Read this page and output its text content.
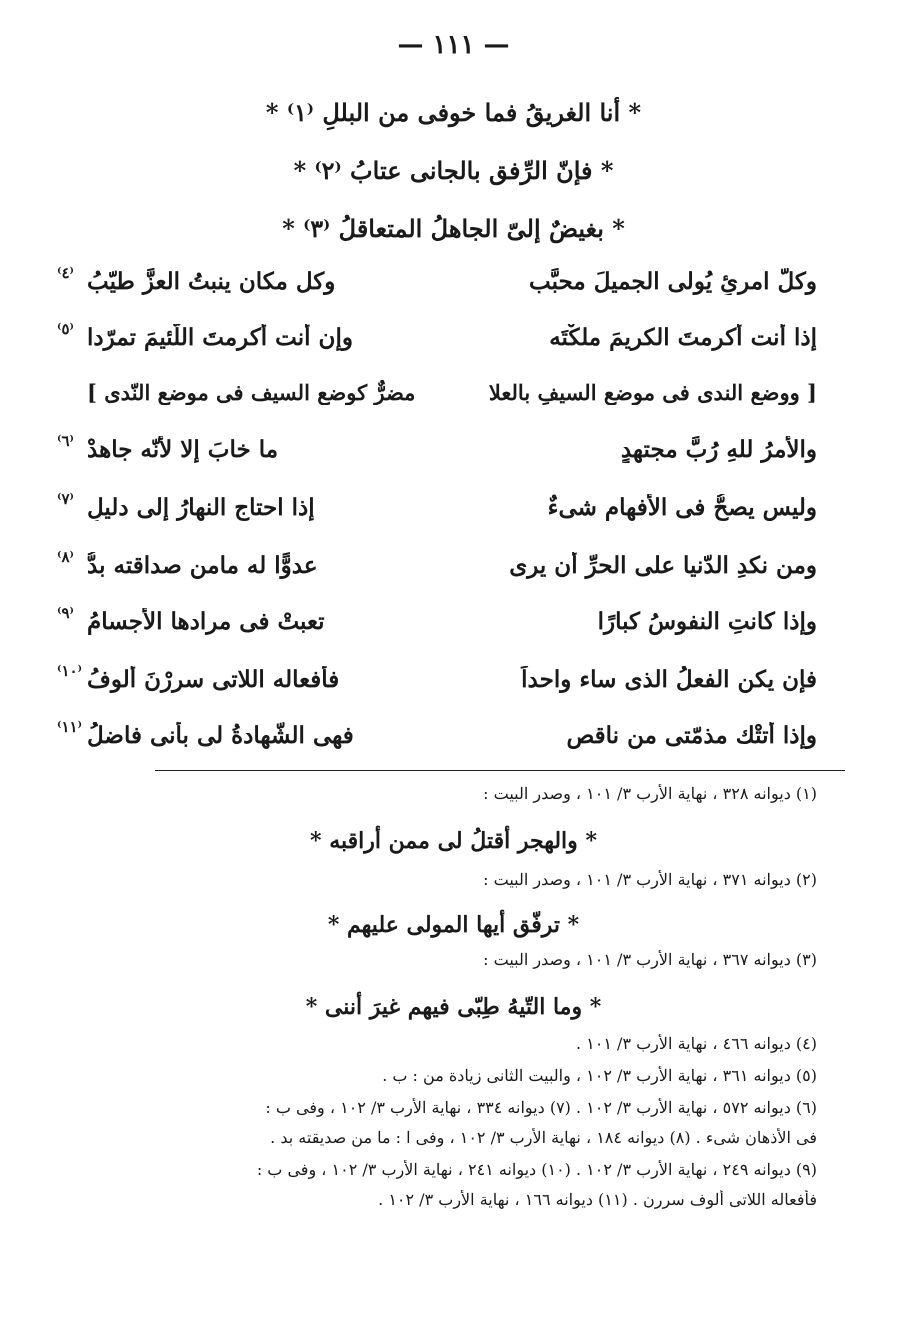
— ١١١ —
* أنا الغريقُ فما خوفى من البللِ ⁽١⁾ *
* فإنّ الرِّفق بالجانى عتابُ ⁽٢⁾ *
* بغيضٌ إلىّ الجاهلُ المتعاقلُ ⁽٣⁾ *
وكلُّ امرئٍ يُولى الجميلَ محبَّب
وكل مكان ينبتُ العزَّ طيّبُ
⁽٤⁾
إذا أنت أكرمتَ الكريمَ ملكْتَه
وإن أنت أكرمتَ اللّئيمَ تمرّدا
⁽٥⁾
[ ووضع الندى فى موضع السيفِ بالعلا
مضرٌّ كوضعِ السيف فى موضع النّدى ]
والأمرُ للهِ رُبَّ مجتهدٍ
ما خابَ إلا لأنّه جاهدْ
⁽٦⁾
وليس يصحُّ فى الأفهامِ شىءٌ
إذا احتاج النهارُ إلى دليلِ
⁽٧⁾
ومن نكدِ الدّنيا على الحرِّ أن يرى
عدوًّا له مامن صداقته بدُّ
⁽٨⁾
وإذا كانتِ النفوسُ كبارًا
تعبتْ فى مرادها الأجسامُ
⁽٩⁾
فإن يكن الفعلُ الذى ساء واحداً
فأفعاله اللاتى سررْنَ ألوفُ
⁽١٠⁾
وإذا أتتْك مذمّتى من ناقصٍ
فهى الشّهادةُ لى بأنى فاضلُ
⁽١١⁾
(١) ديوانه ٣٢٨ ، نهاية الأرب ٣/ ١٠١ ، وصدر البيت :
* والهجر أقتلُ لى ممن أراقبه *
(٢) ديوانه ٣٧١ ، نهاية الأرب ٣/ ١٠١ ، وصدر البيت :
* ترفّق أيها المولى عليهم *
(٣) ديوانه ٣٦٧ ، نهاية الأرب ٣/ ١٠١ ، وصدر البيت :
* وما التّيهُ طِبّى فيهم غيرَ أننى *
(٤) ديوانه ٤٦٦ ، نهاية الأرب ٣/ ١٠١ .
(٥) ديوانه ٣٦١ ، نهاية الأرب ٣/ ١٠٢ ، والبيت الثانى زيادة من : ب .
(٦) ديوانه ٥٧٢ ، نهاية الأرب ٣/ ١٠٢ . (٧) ديوانه ٣٣٤ ، نهاية الأرب ٣/ ١٠٢ ، وفى ب :
فى الأذهان شىء . (٨) ديوانه ١٨٤ ، نهاية الأرب ٣/ ١٠٢ ، وفى ا : ما من صديقته بد .
(٩) ديوانه ٢٤٩ ، نهاية الأرب ٣/ ١٠٢ . (١٠) ديوانه ٢٤١ ، نهاية الأرب ٣/ ١٠٢ ، وفى ب :
فأفعاله اللاتى ألوف سررن . (١١) ديوانه ١٦٦ ، نهاية الأرب ٣/ ١٠٢ .
